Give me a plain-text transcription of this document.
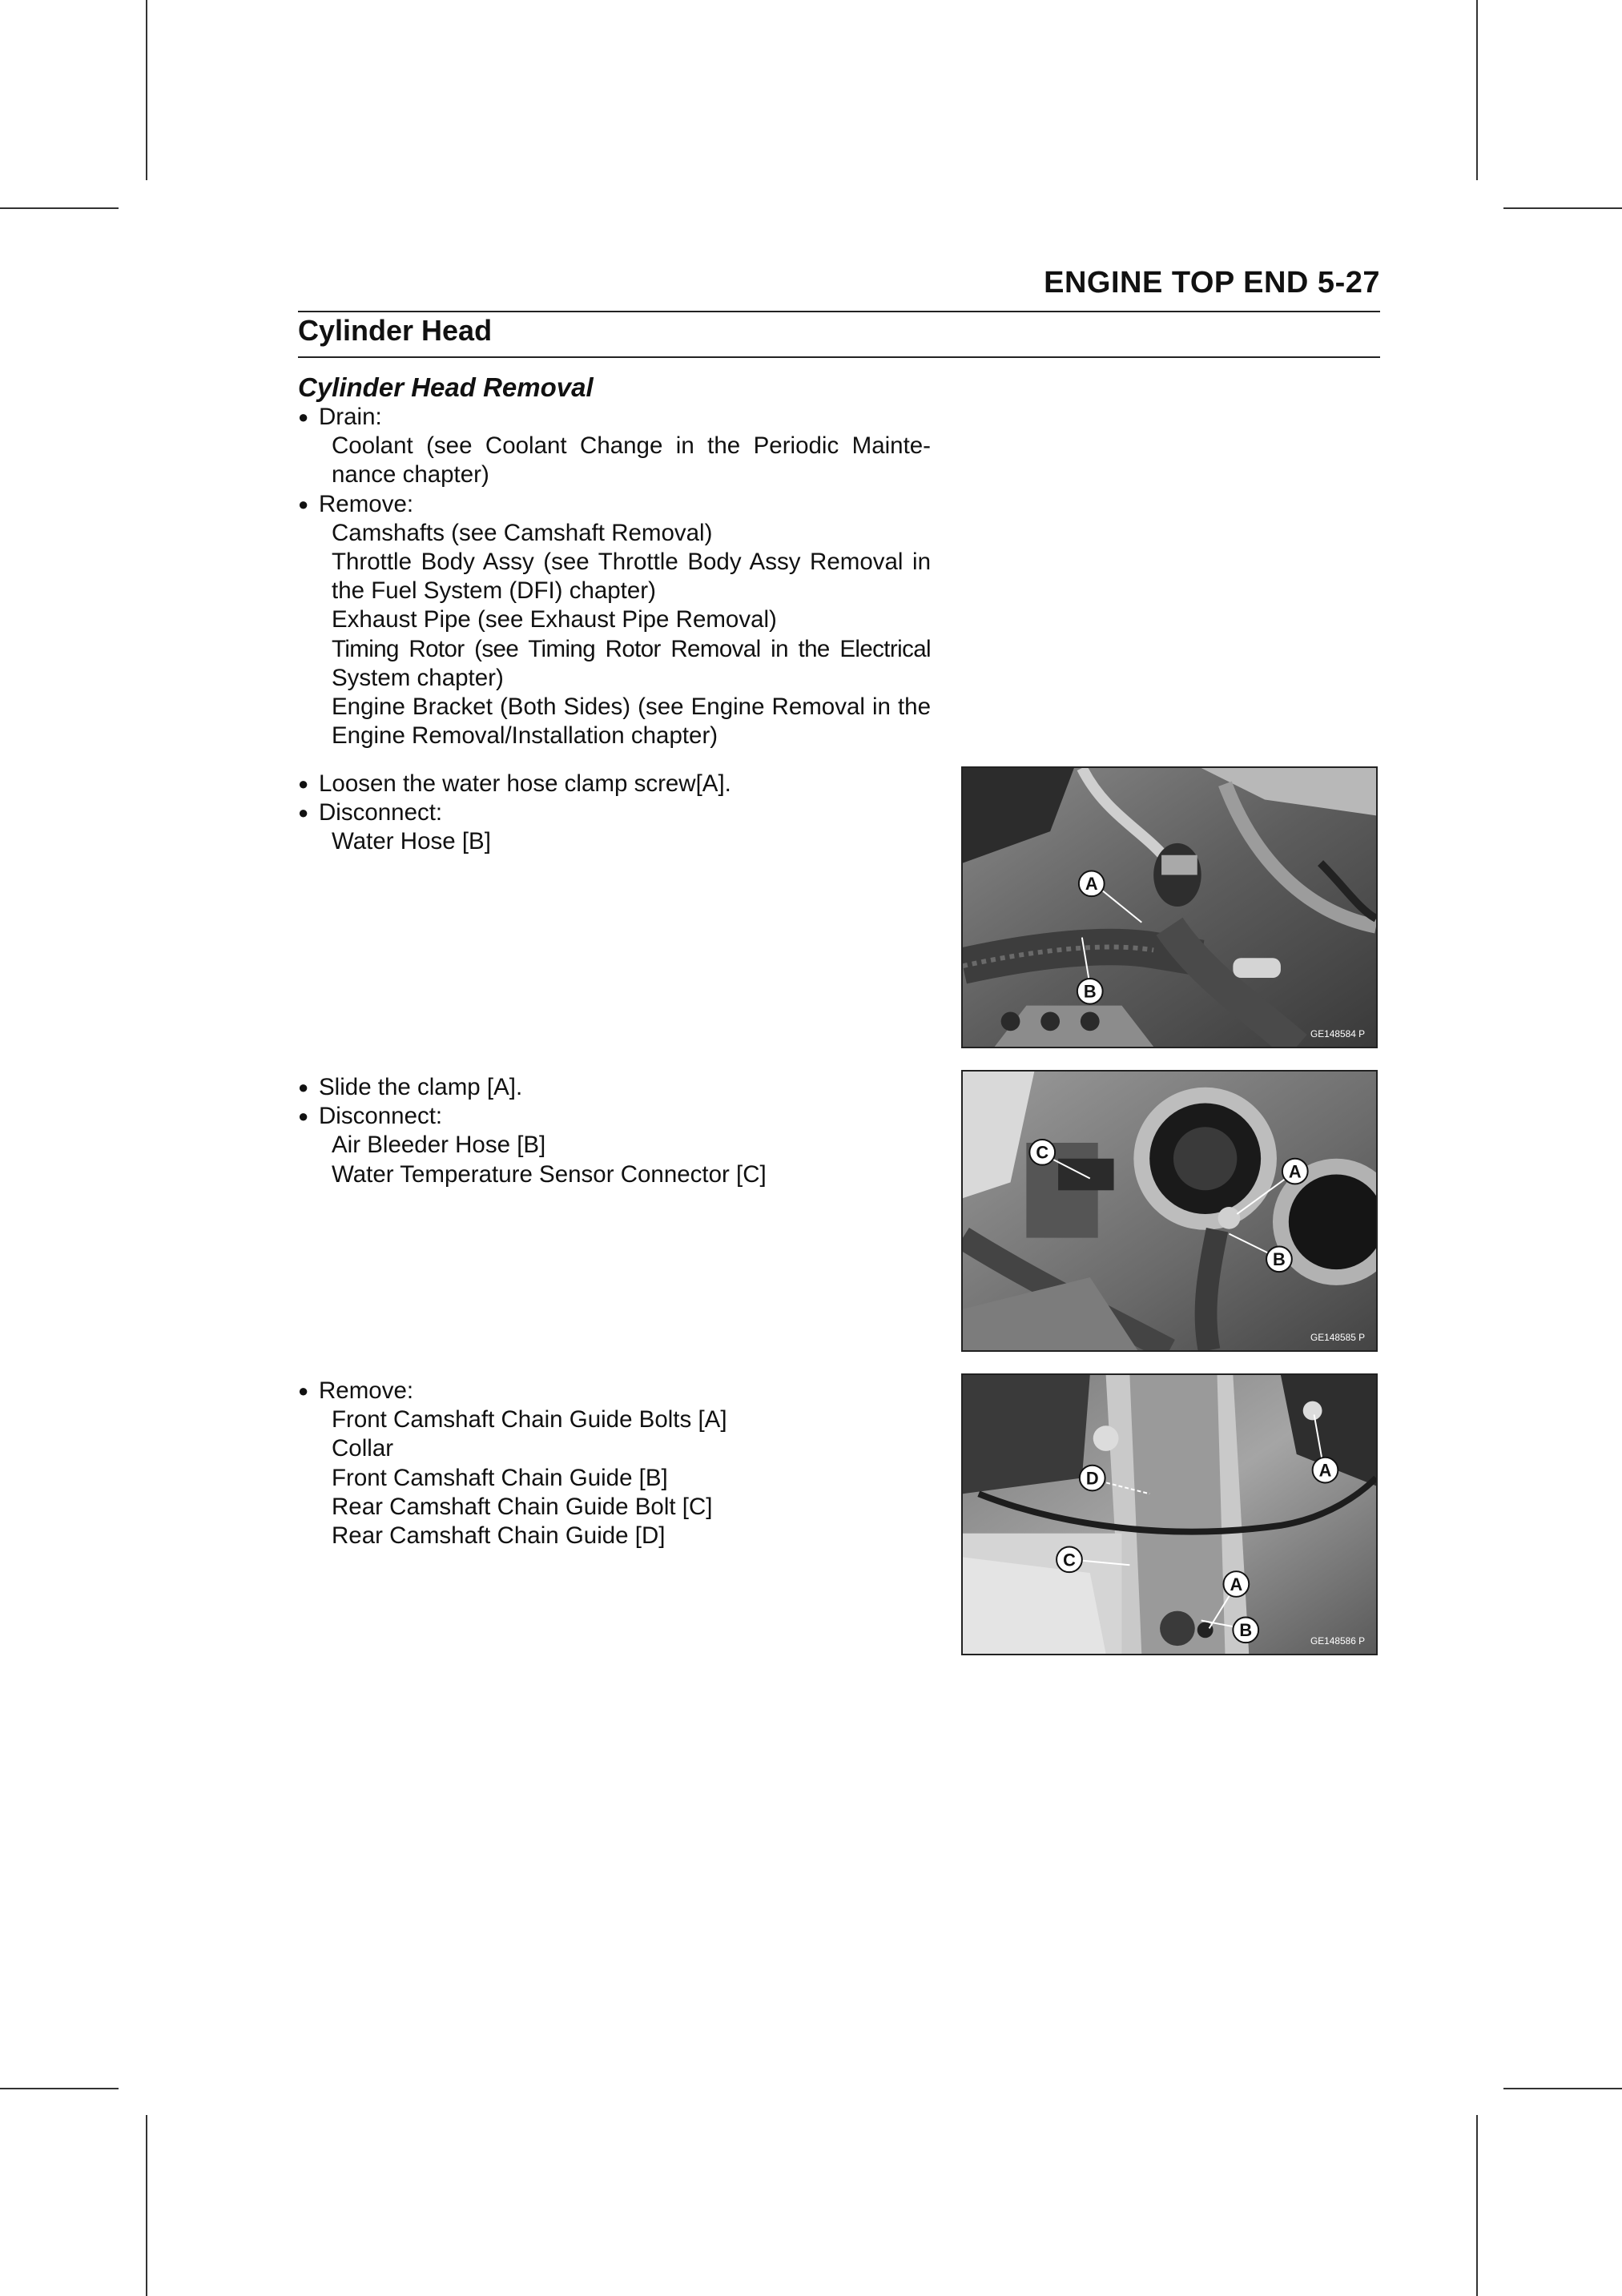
ENGINE TOP END 5-27
Cylinder Head
Cylinder Head Removal
● Drain:
Coolant (see Coolant Change in the Periodic Mainte-
nance chapter)
● Remove:
Camshafts (see Camshaft Removal)
Throttle Body Assy (see Throttle Body Assy Removal in
the Fuel System (DFI) chapter)
Exhaust Pipe (see Exhaust Pipe Removal)
Timing Rotor (see Timing Rotor Removal in the Electrical
System chapter)
Engine Bracket (Both Sides) (see Engine Removal in the
Engine Removal/Installation chapter)
● Loosen the water hose clamp screw[A].
● Disconnect:
Water Hose [B]
● Slide the clamp [A].
● Disconnect:
Air Bleeder Hose [B]
Water Temperature Sensor Connector [C]
● Remove:
Front Camshaft Chain Guide Bolts [A]
Collar
Front Camshaft Chain Guide [B]
Rear Camshaft Chain Guide Bolt [C]
Rear Camshaft Chain Guide [D]
A
B
GE148584 P
C
A
B
GE148585 P
A
D
C
A
B
GE148586 P
